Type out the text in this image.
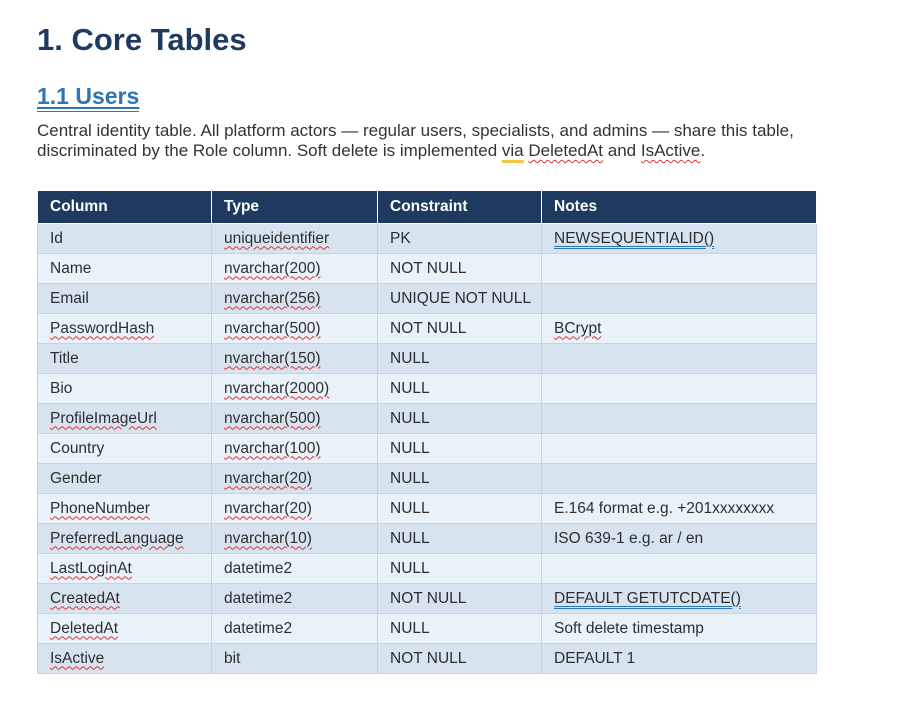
1. Core Tables
1.1 Users
Central identity table. All platform actors — regular users, specialists, and admins — share this table,
discriminated by the Role column. Soft delete is implemented via DeletedAt and IsActive.
Column	Type	Constraint	Notes
Id	uniqueidentifier	PK	NEWSEQUENTIALID()
Name	nvarchar(200)	NOT NULL	
Email	nvarchar(256)	UNIQUE NOT NULL	
PasswordHash	nvarchar(500)	NOT NULL	BCrypt
Title	nvarchar(150)	NULL	
Bio	nvarchar(2000)	NULL	
ProfileImageUrl	nvarchar(500)	NULL	
Country	nvarchar(100)	NULL	
Gender	nvarchar(20)	NULL	
PhoneNumber	nvarchar(20)	NULL	E.164 format e.g. +201xxxxxxxx
PreferredLanguage	nvarchar(10)	NULL	ISO 639-1 e.g. ar / en
LastLoginAt	datetime2	NULL	
CreatedAt	datetime2	NOT NULL	DEFAULT GETUTCDATE()
DeletedAt	datetime2	NULL	Soft delete timestamp
IsActive	bit	NOT NULL	DEFAULT 1
